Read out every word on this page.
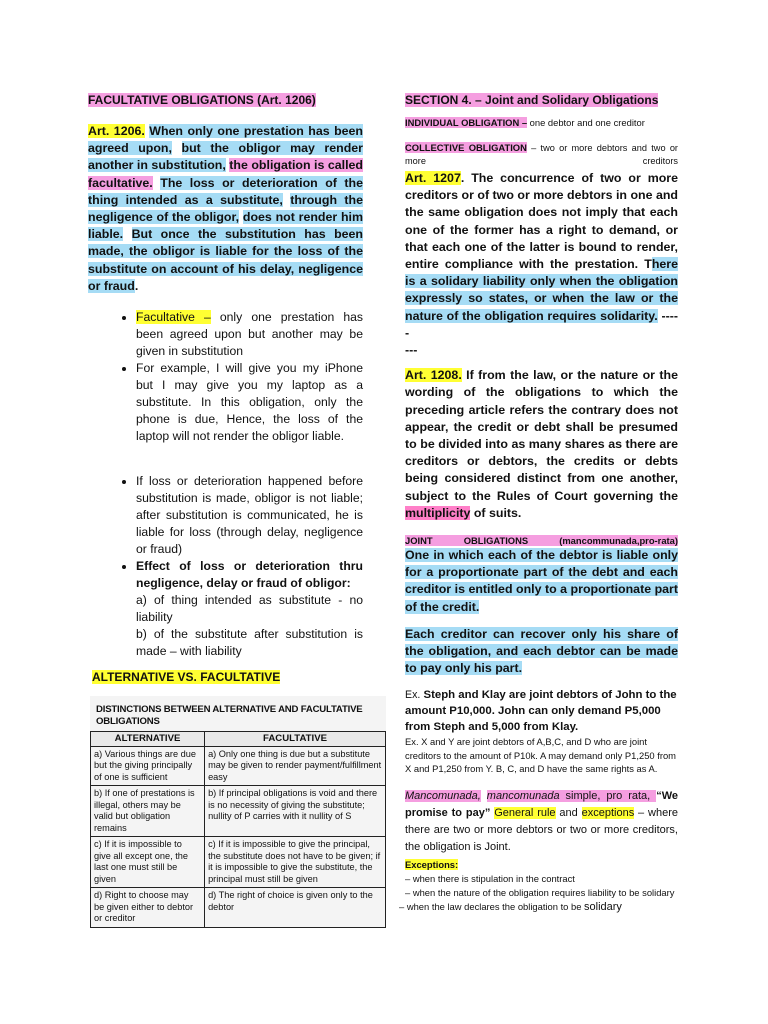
FACULTATIVE OBLIGATIONS (Art. 1206)

Art. 1206. When only one prestation has been agreed upon, but the obligor may render another in substitution, the obligation is called facultative. The loss or deterioration of the thing intended as a substitute, through the negligence of the obligor, does not render him liable. But once the substitution has been made, the obligor is liable for the loss of the substitute on account of his delay, negligence or fraud.

• Facultative – only one prestation has been agreed upon but another may be given in substitution
• For example, I will give you my iPhone but I may give you my laptop as a substitute. In this obligation, only the phone is due, Hence, the loss of the laptop will not render the obligor liable.
• If loss or deterioration happened before substitution is made, obligor is not liable; after substitution is communicated, he is liable for loss (through delay, negligence or fraud)
• Effect of loss or deterioration thru negligence, delay or fraud of obligor:
a) of thing intended as substitute - no liability
b) of the substitute after substitution is made – with liability
ALTERNATIVE VS. FACULTATIVE
DISTINCTIONS BETWEEN ALTERNATIVE AND FACULTATIVE OBLIGATIONS
ALTERNATIVE	FACULTATIVE
a) Various things are due but the giving principally of one is sufficient	a) Only one thing is due but a substitute may be given to render payment/fulfillment easy
b) If one of prestations is illegal, others may be valid but obligation remains	b) If principal obligations is void and there is no necessity of giving the substitute; nullity of P carries with it nullity of S
c) If it is impossible to give all except one, the last one must still be given	c) If it is impossible to give the principal, the substitute does not have to be given; if it is impossible to give the substitute, the principal must still be given
d) Right to choose may be given either to debtor or creditor	d) The right of choice is given only to the debtor
SECTION 4. – Joint and Solidary Obligations

INDIVIDUAL OBLIGATION – one debtor and one creditor

COLLECTIVE OBLIGATION – two or more debtors and two or more creditors

Art. 1207. The concurrence of two or more creditors or of two or more debtors in one and the same obligation does not imply that each one of the former has a right to demand, or that each one of the latter is bound to render, entire compliance with the prestation. There is a solidary liability only when the obligation expressly so states, or when the law or the nature of the obligation requires solidarity. -----
---

Art. 1208. If from the law, or the nature or the wording of the obligations to which the preceding article refers the contrary does not appear, the credit or debt shall be presumed to be divided into as many shares as there are creditors or debtors, the credits or debts being considered distinct from one another, subject to the Rules of Court governing the multiplicity of suits.

JOINT OBLIGATIONS (mancommunada,pro-rata)

One in which each of the debtor is liable only for a proportionate part of the debt and each creditor is entitled only to a proportionate part of the credit.

Each creditor can recover only his share of the obligation, and each debtor can be made to pay only his part.

Ex. Steph and Klay are joint debtors of John to the amount P10,000. John can only demand P5,000 from Steph and 5,000 from Klay.

Ex. X and Y are joint debtors of A,B,C, and D who are joint creditors to the amount of P10k. A may demand only P1,250 from X and P1,250 from Y. B, C, and D have the same rights as A.

Mancomunada, mancomunada simple, pro rata, “We promise to pay” General rule and exceptions – where there are two or more debtors or two or more creditors, the obligation is Joint.

Exceptions:
– when there is stipulation in the contract
– when the nature of the obligation requires liability to be solidary
– when the law declares the obligation to be solidary
